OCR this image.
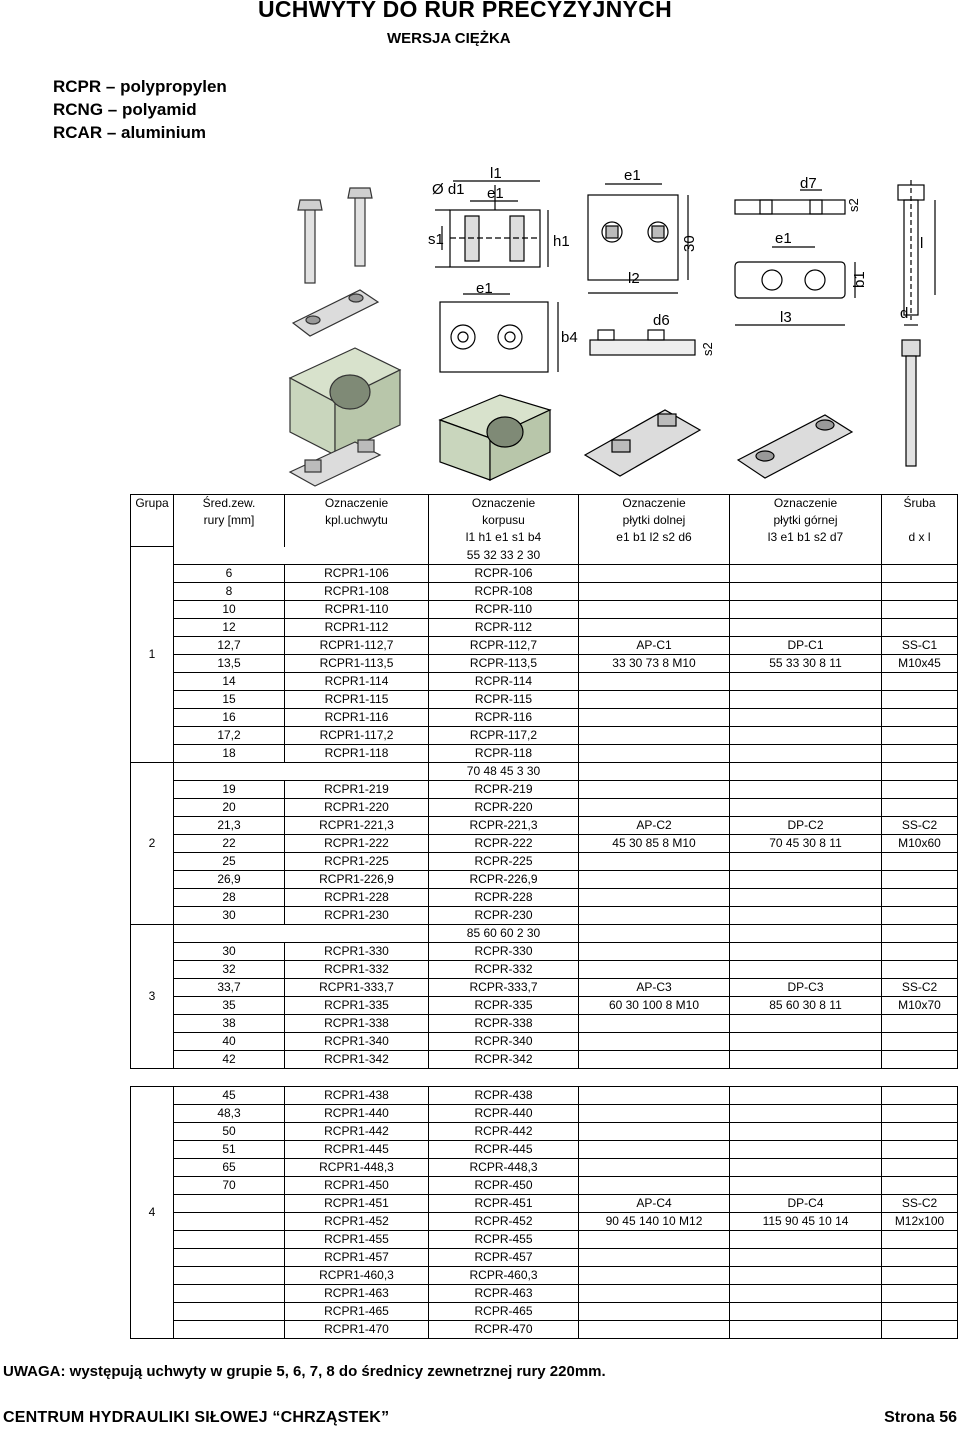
UCHWYTY DO RUR PRECYZYJNYCH
WERSJA CIĘŻKA
RCPR – polypropylen
RCNG – polyamid
RCAR – aluminium
Ø d1
l1
e1
h1
s1
e1
b4
e1
30
l2
d6
s2
d7
e1
b1
l3
s2
l
d
Grupa	Śred.zew.	Oznaczenie	Oznaczenie	Oznaczenie	Oznaczenie	Śruba
	rury [mm]	kpl.uchwytu	korpusu	płytki dolnej	płytki górnej	
			l1 h1 e1 s1 b4	e1 b1 l2 s2 d6	l3 e1 b1 s2 d7	d x l
1			55 32 33 2 30			
	6	RCPR1-106	RCPR-106			
	8	RCPR1-108	RCPR-108			
	10	RCPR1-110	RCPR-110			
	12	RCPR1-112	RCPR-112			
	12,7	RCPR1-112,7	RCPR-112,7	AP-C1	DP-C1	SS-C1
	13,5	RCPR1-113,5	RCPR-113,5	33 30 73 8 M10	55 33 30 8 11	M10x45
	14	RCPR1-114	RCPR-114			
	15	RCPR1-115	RCPR-115			
	16	RCPR1-116	RCPR-116			
	17,2	RCPR1-117,2	RCPR-117,2			
	18	RCPR1-118	RCPR-118			
2			70 48 45 3 30			
	19	RCPR1-219	RCPR-219			
	20	RCPR1-220	RCPR-220			
	21,3	RCPR1-221,3	RCPR-221,3	AP-C2	DP-C2	SS-C2
	22	RCPR1-222	RCPR-222	45 30 85 8 M10	70 45 30 8 11	M10x60
	25	RCPR1-225	RCPR-225			
	26,9	RCPR1-226,9	RCPR-226,9			
	28	RCPR1-228	RCPR-228			
	30	RCPR1-230	RCPR-230			
3			85 60 60 2 30			
	30	RCPR1-330	RCPR-330			
	32	RCPR1-332	RCPR-332			
	33,7	RCPR1-333,7	RCPR-333,7	AP-C3	DP-C3	SS-C2
	35	RCPR1-335	RCPR-335	60 30 100 8 M10	85 60 30 8 11	M10x70
	38	RCPR1-338	RCPR-338			
	40	RCPR1-340	RCPR-340			
	42	RCPR1-342	RCPR-342			

4	45	RCPR1-438	RCPR-438			
	48,3	RCPR1-440	RCPR-440			
	50	RCPR1-442	RCPR-442			
	51	RCPR1-445	RCPR-445			
	65	RCPR1-448,3	RCPR-448,3			
	70	RCPR1-450	RCPR-450			
		RCPR1-451	RCPR-451	AP-C4	DP-C4	SS-C2
		RCPR1-452	RCPR-452	90 45 140 10 M12	115 90 45 10 14	M12x100
		RCPR1-455	RCPR-455			
		RCPR1-457	RCPR-457			
		RCPR1-460,3	RCPR-460,3			
		RCPR1-463	RCPR-463			
		RCPR1-465	RCPR-465			
		RCPR1-470	RCPR-470			
UWAGA: występują uchwyty w grupie 5, 6, 7, 8 do średnicy zewnetrznej rury 220mm.
CENTRUM HYDRAULIKI SIŁOWEJ “CHRZĄSTEK”	Strona 56
